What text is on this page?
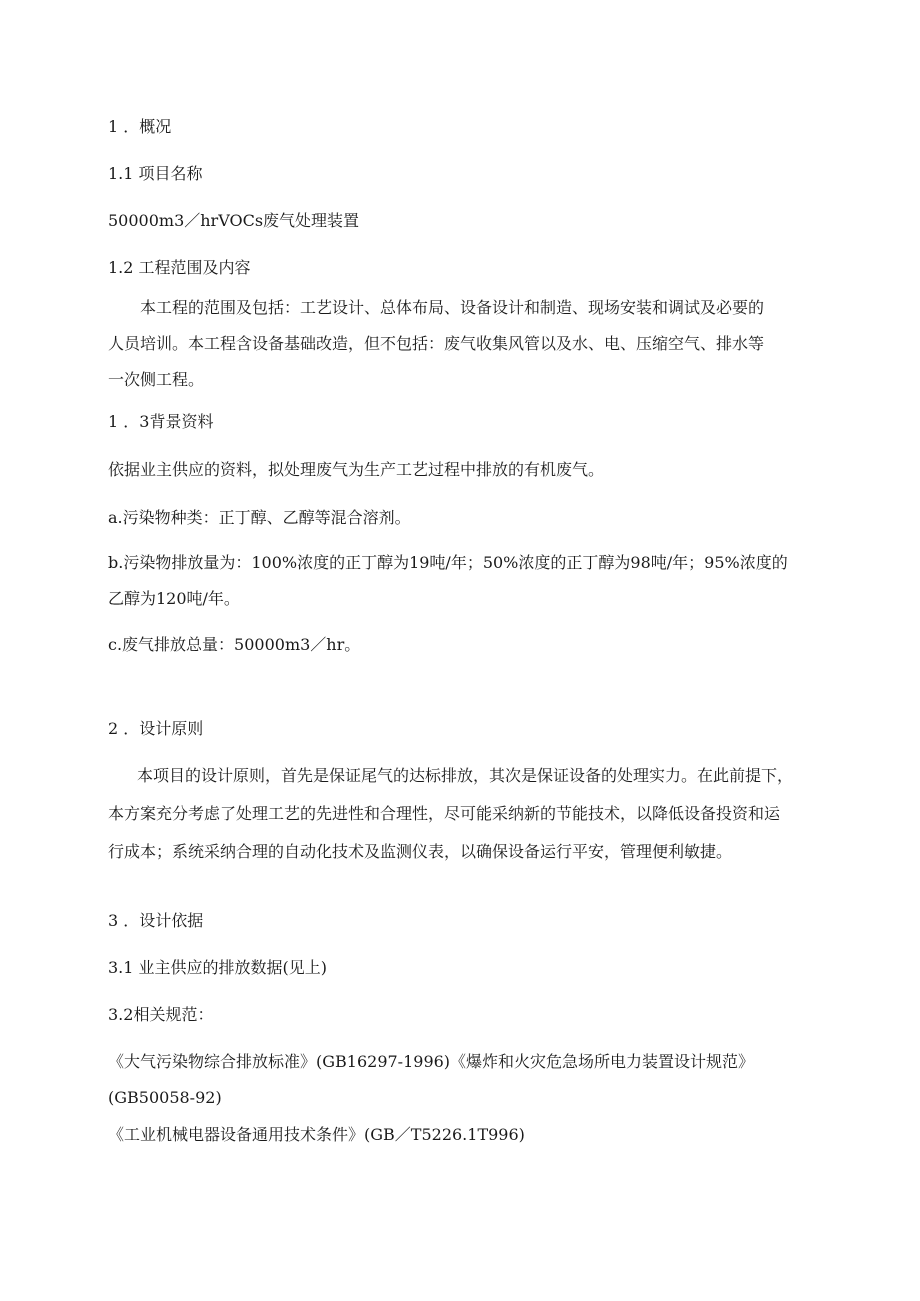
1 ．概况
1.1 项目名称
50000m3／hrVOCs废气处理装置
1.2 工程范围及内容
本工程的范围及包括：工艺设计、总体布局、设备设计和制造、现场安装和调试及必要的
人员培训。本工程含设备基础改造，但不包括：废气收集风管以及水、电、压缩空气、排水等
一次侧工程。
1 ．3背景资料
依据业主供应的资料，拟处理废气为生产工艺过程中排放的有机废气。
a.污染物种类：正丁醇、乙醇等混合溶剂。
b.污染物排放量为：100%浓度的正丁醇为19吨/年；50%浓度的正丁醇为98吨/年；95%浓度的
乙醇为120吨/年。
c.废气排放总量：50000m3／hr。
2 ．设计原则
本项目的设计原则，首先是保证尾气的达标排放，其次是保证设备的处理实力。在此前提下，
本方案充分考虑了处理工艺的先进性和合理性，尽可能采纳新的节能技术，以降低设备投资和运
行成本；系统采纳合理的自动化技术及监测仪表，以确保设备运行平安，管理便利敏捷。
3 ．设计依据
3.1 业主供应的排放数据(见上)
3.2相关规范：
《大气污染物综合排放标准》(GB16297-1996)《爆炸和火灾危急场所电力装置设计规范》
(GB50058-92)
《工业机械电器设备通用技术条件》(GB／T5226.1T996)
